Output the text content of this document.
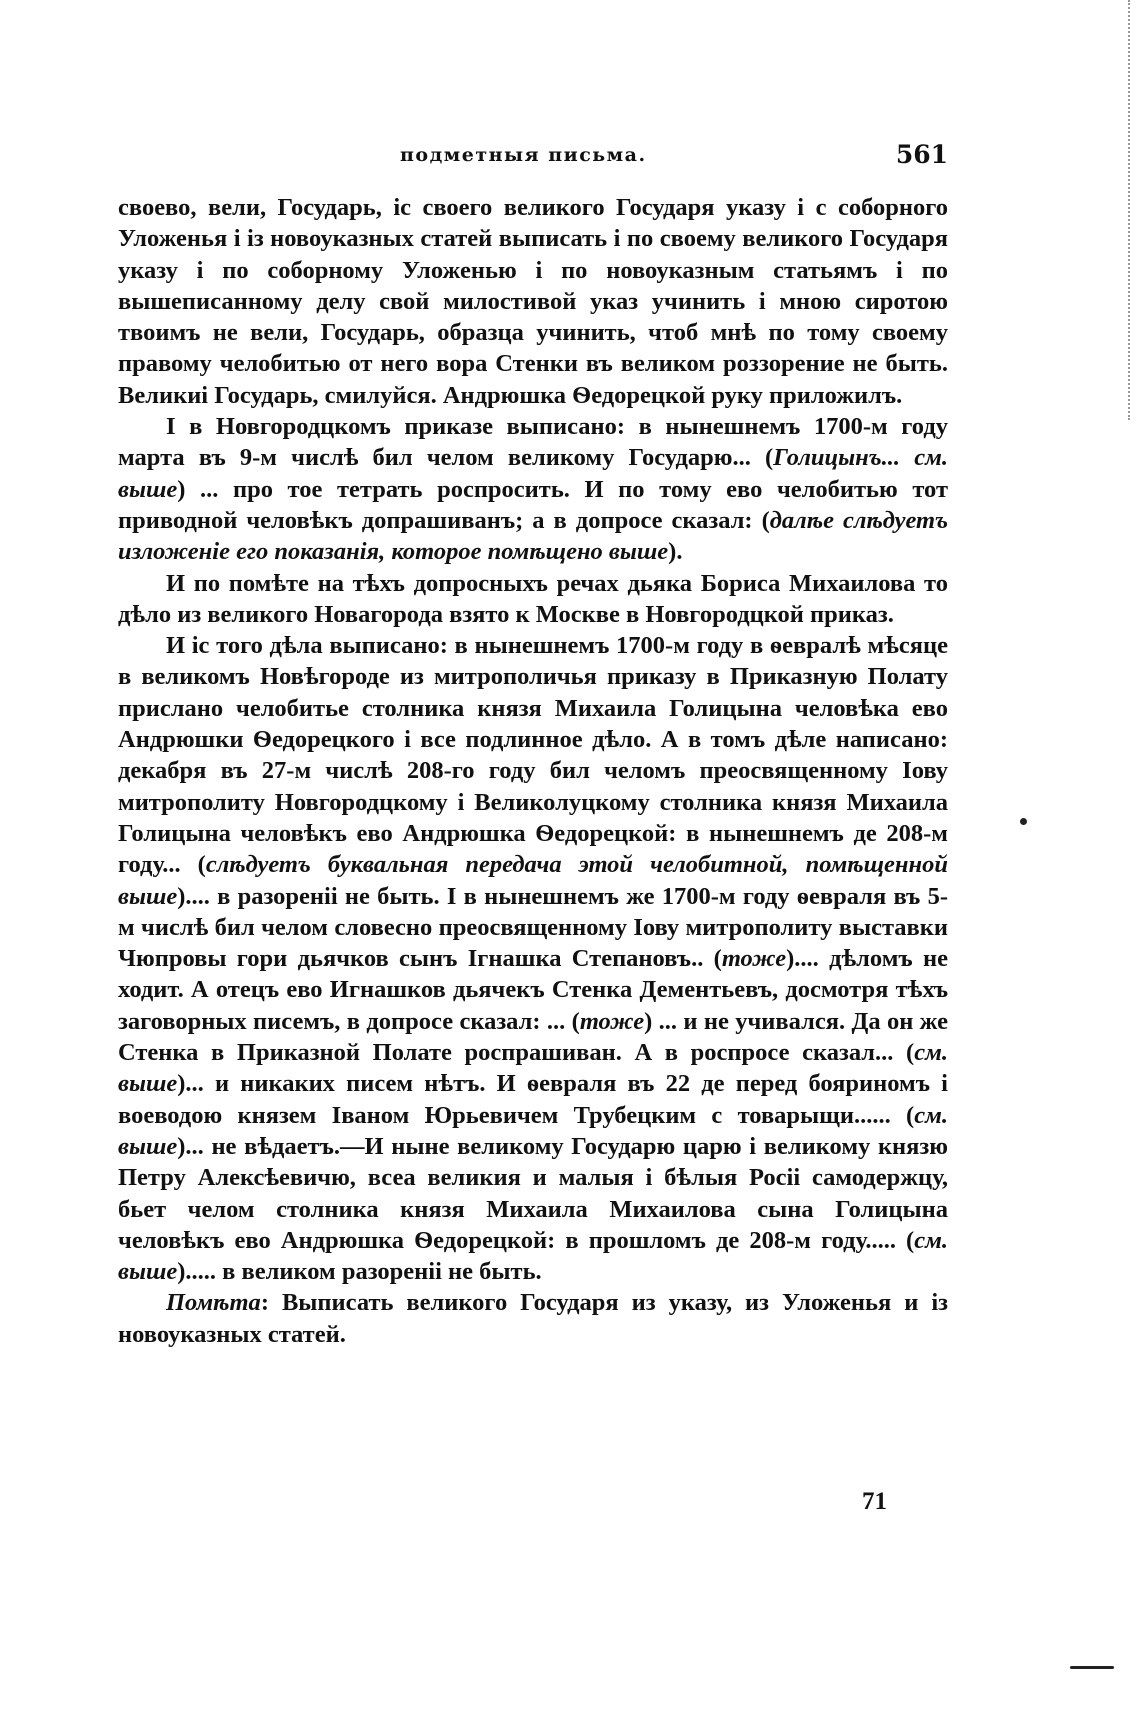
подметныя письма.	561

своево, вели, Государь, ic своего великого Государя указу i с соборного Уложенья i iз новоуказных статей выписать i по своему великого Государя указу i по соборному Уложенью i по новоуказным статьямъ i по вышеписанному делу свой милостивой указ учинить i мною сиротою твоимъ не вели, Государь, образца учинить, чтоб мнѣ по тому своему правому челобитью от него вора Стенки въ великом роззорение не быть. Великиі Государь, смилуйся. Андрюшка Ѳедорецкой руку приложилъ.

I в Новгородцкомъ приказе выписано: в нынешнемъ 1700-м году марта въ 9-м числѣ бил челом великому Государю... (Голицынъ... см. выше) ... про тое тетрать роспросить. И по тому ево челобитью тот приводной человѣкъ допрашиванъ; а в допросе сказал: (далѣе слѣдуетъ изложеніе его показанія, которое помѣщено выше).

И по помѣте на тѣхъ допросныхъ речах дьяка Бориса Михаилова то дѣло из великого Новагорода взято к Москве в Новгородцкой приказ.

И ic того дѣла выписано: в нынешнемъ 1700-м году в ѳевралѣ мѣсяце в великомъ Новѣгороде из митрополичья приказу в Приказную Полату прислано челобитье столника князя Михаила Голицына человѣка ево Андрюшки Ѳедорецкого i все подлинное дѣло. А в томъ дѣле написано: декабря въ 27-м числѣ 208-го году бил челомъ преосвященному Іову митрополиту Новгородцкому i Великолуцкому столника князя Михаила Голицына человѣкъ ево Андрюшка Ѳедорецкой: в нынешнемъ де 208-м году... (слѣдуетъ буквальная передача этой челобитной, помѣщенной выше).... в разореніі не быть. I в нынешнемъ же 1700-м году ѳевраля въ 5-м числѣ бил челом словесно преосвященному Іову митрополиту выставки Чюпровы гори дьячков сынъ Ігнашка Степановъ.. (тоже).... дѣломъ не ходит. А отецъ ево Игнашков дьячекъ Стенка Дементьевъ, досмотря тѣхъ заговорных писемъ, в допросе сказал: ... (тоже) ... и не учивался. Да он же Стенка в Приказной Полате роспрашиван. А в роспросе сказал... (см. выше)... и никаких писем нѣтъ. И ѳевраля въ 22 де перед бояриномъ i воеводою князем Іваном Юрьевичем Трубецким с товарыщи...... (см. выше)... не вѣдаетъ.—И ныне великому Государю царю i великому князю Петру Алексѣевичю, всеа великия и малыя i бѣлыя Росіі самодержцу, бьет челом столника князя Михаила Михаилова сына Голицына человѣкъ ево Андрюшка Ѳедорецкой: в прошломъ де 208-м году..... (см. выше)..... в великом разореніі не быть.

Помѣта: Выписать великого Государя из указу, из Уложенья и iз новоуказных статей.

71
